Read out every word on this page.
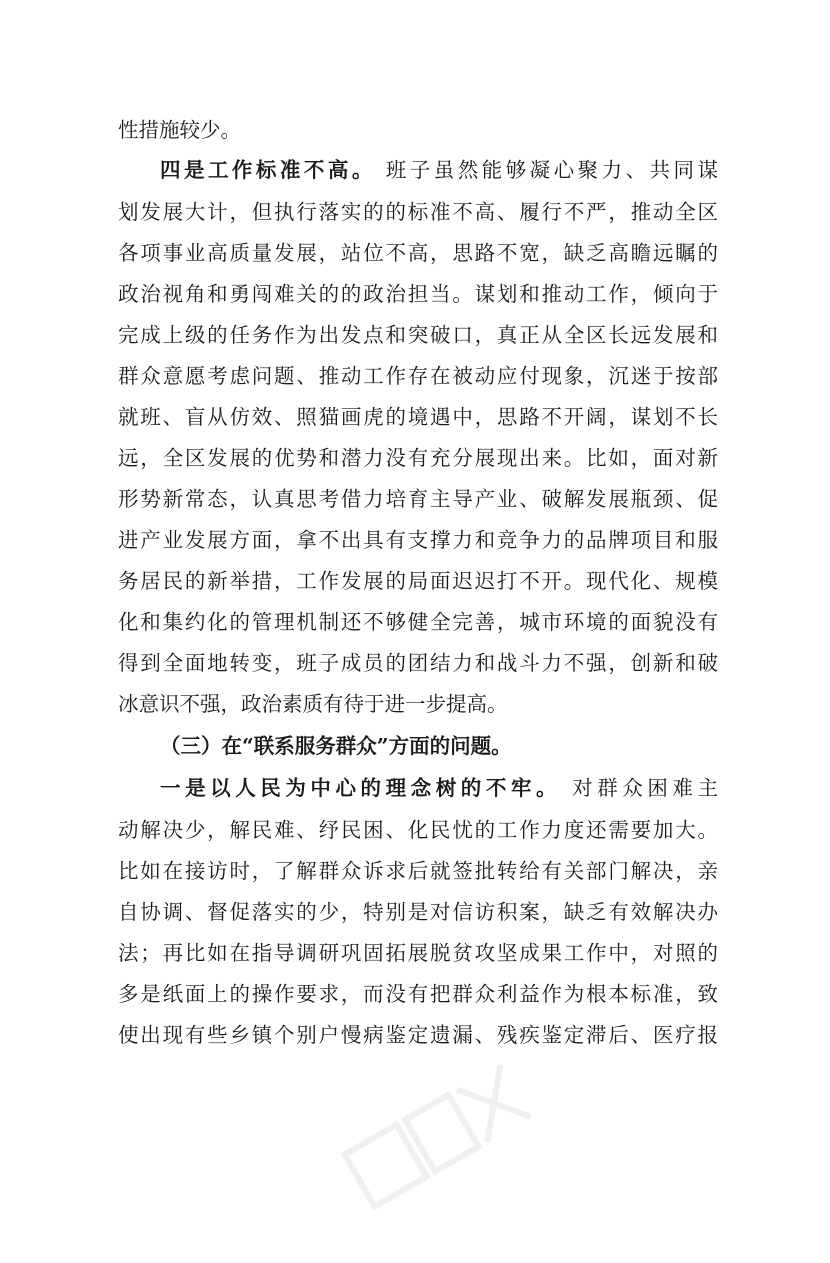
性措施较少。
四是工作标准不高。 班子虽然能够凝心聚力、共同谋
划发展大计，但执行落实的的标准不高、履行不严，推动全区
各项事业高质量发展，站位不高，思路不宽，缺乏高瞻远瞩的
政治视角和勇闯难关的的政治担当。谋划和推动工作，倾向于
完成上级的任务作为出发点和突破口，真正从全区长远发展和
群众意愿考虑问题、推动工作存在被动应付现象，沉迷于按部
就班、盲从仿效、照猫画虎的境遇中，思路不开阔，谋划不长
远，全区发展的优势和潜力没有充分展现出来。比如，面对新
形势新常态，认真思考借力培育主导产业、破解发展瓶颈、促
进产业发展方面，拿不出具有支撑力和竞争力的品牌项目和服
务居民的新举措，工作发展的局面迟迟打不开。现代化、规模
化和集约化的管理机制还不够健全完善，城市环境的面貌没有
得到全面地转变，班子成员的团结力和战斗力不强，创新和破
冰意识不强，政治素质有待于进一步提高。
（三）在“联系服务群众”方面的问题。
一是以人民为中心的理念树的不牢。 对群众困难主
动解决少，解民难、纾民困、化民忧的工作力度还需要加大。
比如在接访时，了解群众诉求后就签批转给有关部门解决，亲
自协调、督促落实的少，特别是对信访积案，缺乏有效解决办
法；再比如在指导调研巩固拓展脱贫攻坚成果工作中，对照的
多是纸面上的操作要求，而没有把群众利益作为根本标准，致
使出现有些乡镇个别户慢病鉴定遗漏、残疾鉴定滞后、医疗报
